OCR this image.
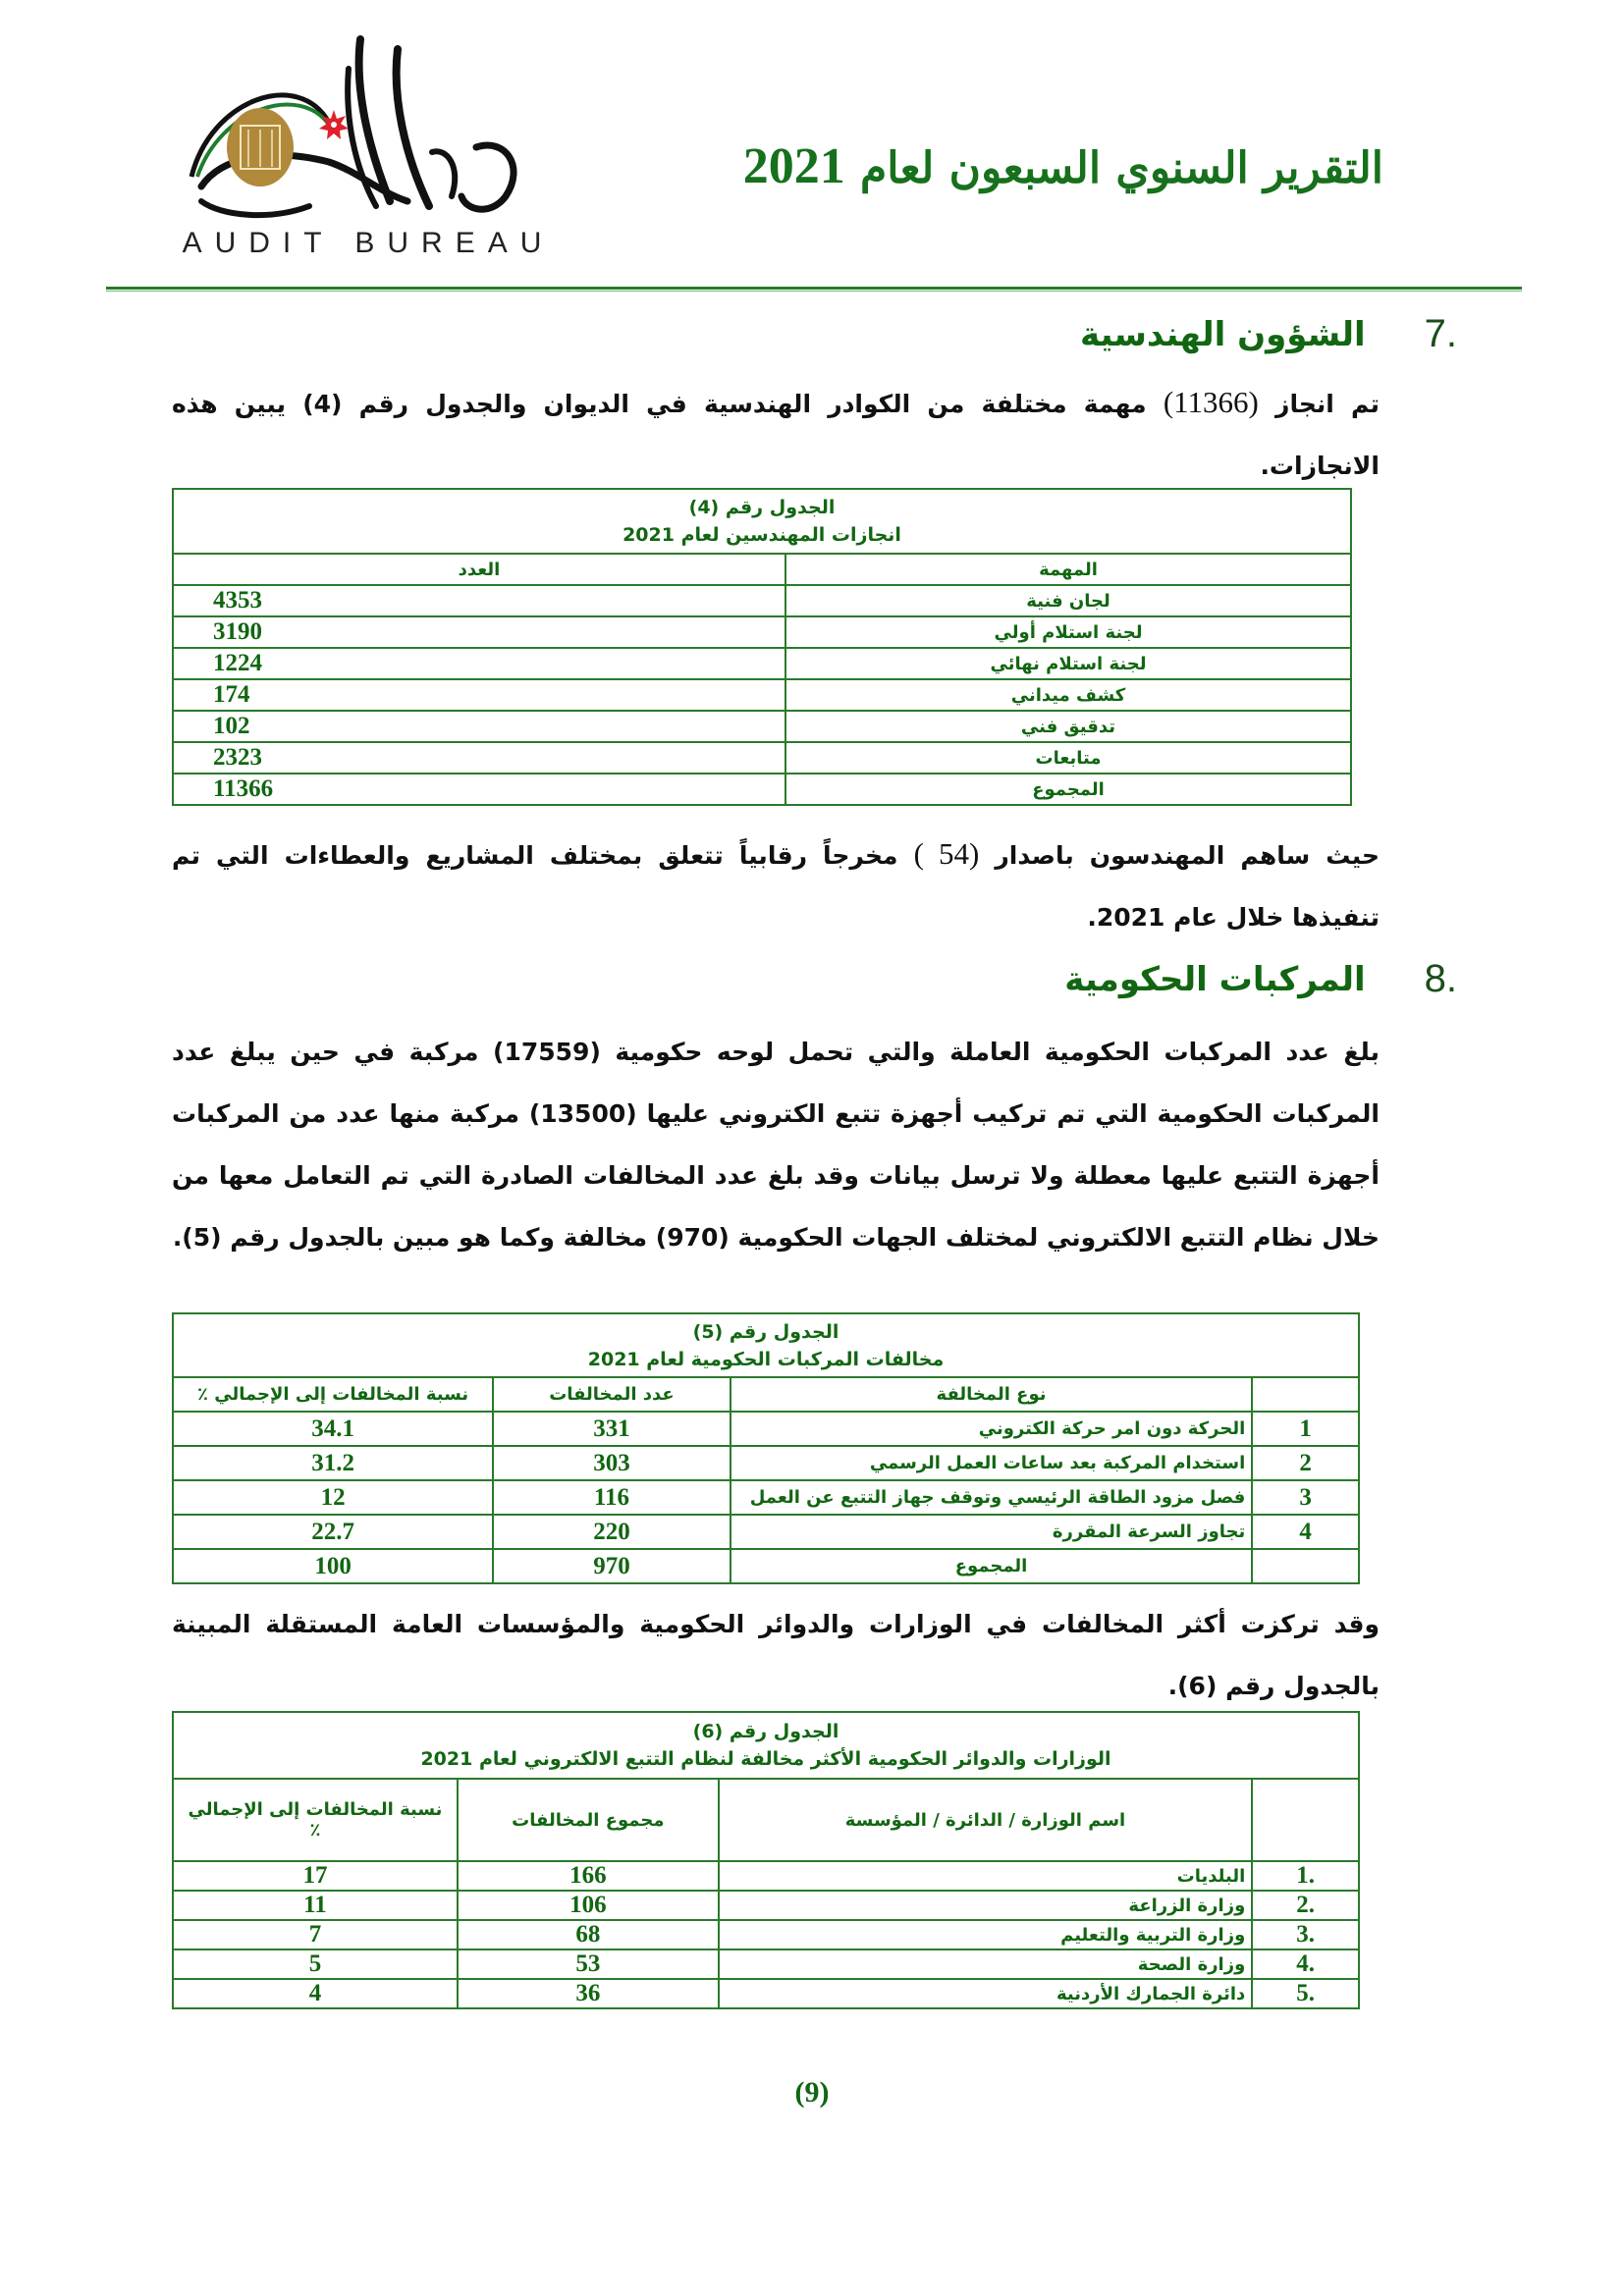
AUDIT BUREAU
التقرير السنوي السبعون لعام 2021
.7
الشؤون الهندسية
تم انجاز (11366) مهمة مختلفة من الكوادر الهندسية في الديوان والجدول رقم (4) يبين هذه الانجازات.
الجدول رقم (4)
انجازات المهندسين لعام 2021	

المهمة	العدد
لجان فنية	4353
لجنة استلام أولي	3190
لجنة استلام نهائي	1224
كشف ميداني	174
تدقيق فني	102
متابعات	2323
المجموع	11366
حيث ساهم المهندسون باصدار (54 ) مخرجاً رقابياً تتعلق بمختلف المشاريع والعطاءات التي تم تنفيذها خلال عام 2021.
.8
المركبات الحكومية
بلغ عدد المركبات الحكومية العاملة والتي تحمل لوحه حكومية (17559) مركبة في حين يبلغ عدد المركبات الحكومية التي تم تركيب أجهزة تتبع الكتروني عليها (13500) مركبة منها عدد من المركبات أجهزة التتبع عليها معطلة ولا ترسل بيانات وقد بلغ عدد المخالفات الصادرة التي تم التعامل معها من خلال نظام التتبع الالكتروني لمختلف الجهات الحكومية (970) مخالفة وكما هو مبين بالجدول رقم (5).
الجدول رقم (5)
مخالفات المركبات الحكومية لعام 2021			

	نوع المخالفة	عدد المخالفات	نسبة المخالفات إلى الإجمالي ٪
1	الحركة دون امر حركة الكتروني	331	34.1
2	استخدام المركبة بعد ساعات العمل الرسمي	303	31.2
3	فصل مزود الطاقة الرئيسي وتوقف جهاز التتبع عن العمل	116	12
4	تجاوز السرعة المقررة	220	22.7
	المجموع	970	100
وقد تركزت أكثر المخالفات في الوزارات والدوائر الحكومية والمؤسسات العامة المستقلة المبينة بالجدول رقم (6).
الجدول رقم (6)
الوزارات والدوائر الحكومية الأكثر مخالفة لنظام التتبع الالكتروني لعام 2021			

	اسم الوزارة / الدائرة / المؤسسة	مجموع المخالفات	نسبة المخالفات إلى الإجمالي ٪
.1	البلديات	166	17
.2	وزارة الزراعة	106	11
.3	وزارة التربية والتعليم	68	7
.4	وزارة الصحة	53	5
.5	دائرة الجمارك الأردنية	36	4
(9)
